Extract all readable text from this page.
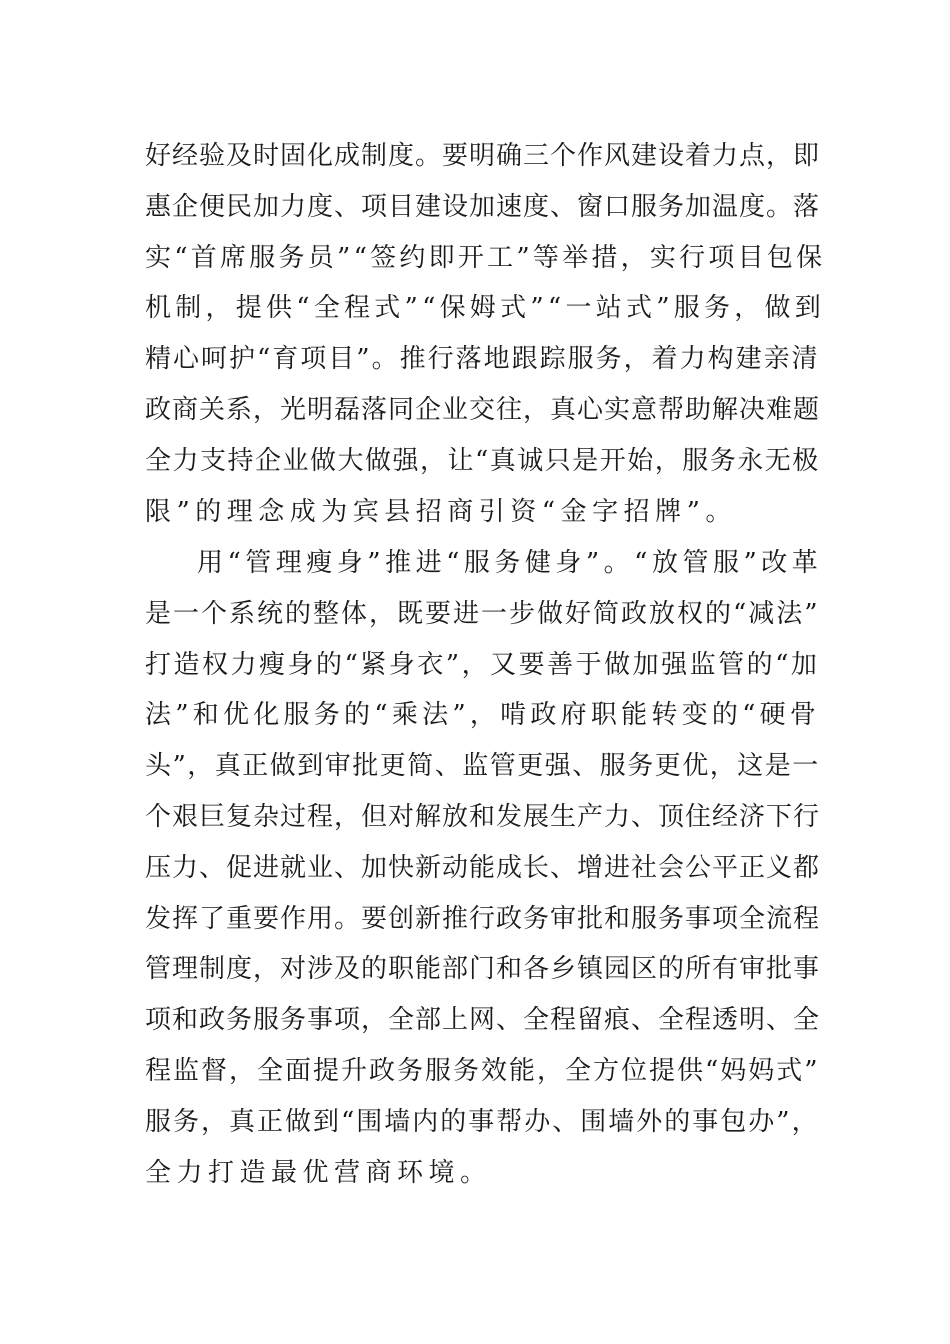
好经验及时固化成制度。要明确三个作风建设着力点，即
惠企便民加力度、项目建设加速度、窗口服务加温度。落
实“首席服务员”“签约即开工”等举措，实行项目包保
机制，提供“全程式”“保姆式”“一站式”服务，做到
精心呵护“育项目”。推行落地跟踪服务，着力构建亲清
政商关系，光明磊落同企业交往，真心实意帮助解决难题
全力支持企业做大做强，让“真诚只是开始，服务永无极
限”的理念成为宾县招商引资“金字招牌”。
用“管理瘦身”推进“服务健身”。“放管服”改革
是一个系统的整体，既要进一步做好简政放权的“减法”
打造权力瘦身的“紧身衣”，又要善于做加强监管的“加
法”和优化服务的“乘法”，啃政府职能转变的“硬骨
头”，真正做到审批更简、监管更强、服务更优，这是一
个艰巨复杂过程，但对解放和发展生产力、顶住经济下行
压力、促进就业、加快新动能成长、增进社会公平正义都
发挥了重要作用。要创新推行政务审批和服务事项全流程
管理制度，对涉及的职能部门和各乡镇园区的所有审批事
项和政务服务事项，全部上网、全程留痕、全程透明、全
程监督，全面提升政务服务效能，全方位提供“妈妈式”
服务，真正做到“围墙内的事帮办、围墙外的事包办”，
全力打造最优营商环境。
